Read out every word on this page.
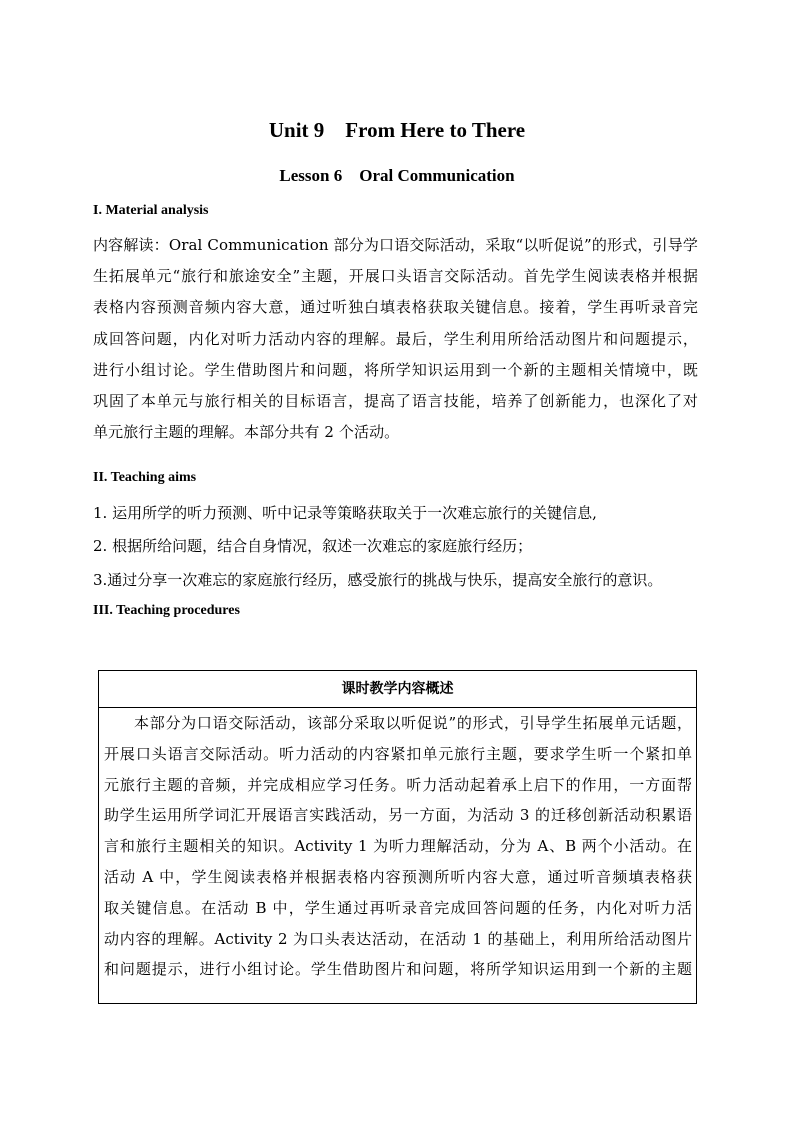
Unit 9    From Here to There
Lesson 6    Oral Communication
I. Material analysis
内容解读：Oral Communication 部分为口语交际活动，采取“以听促说”的形式，引导学
生拓展单元“旅行和旅途安全”主题，开展口头语言交际活动。首先学生阅读表格并根据
表格内容预测音频内容大意，通过听独白填表格获取关键信息。接着，学生再听录音完
成回答问题，内化对听力活动内容的理解。最后，学生利用所给活动图片和问题提示，
进行小组讨论。学生借助图片和问题，将所学知识运用到一个新的主题相关情境中，既
巩固了本单元与旅行相关的目标语言，提高了语言技能，培养了创新能力，也深化了对
单元旅行主题的理解。本部分共有 2 个活动。
II. Teaching aims
1. 运用所学的听力预测、听中记录等策略获取关于一次难忘旅行的关键信息,
2. 根据所给问题，结合自身情况，叙述一次难忘的家庭旅行经历；
3.通过分享一次难忘的家庭旅行经历，感受旅行的挑战与快乐，提高安全旅行的意识。
III. Teaching procedures
课时教学内容概述
本部分为口语交际活动，该部分采取以听促说”的形式，引导学生拓展单元话题，
开展口头语言交际活动。听力活动的内容紧扣单元旅行主题，要求学生听一个紧扣单
元旅行主题的音频，并完成相应学习任务。听力活动起着承上启下的作用，一方面帮
助学生运用所学词汇开展语言实践活动，另一方面，为活动 3 的迁移创新活动积累语
言和旅行主题相关的知识。Activity 1 为听力理解活动，分为 A、B 两个小活动。在
活动 A 中，学生阅读表格并根据表格内容预测所听内容大意，通过听音频填表格获
取关键信息。在活动 B 中，学生通过再听录音完成回答问题的任务，内化对听力活
动内容的理解。Activity 2 为口头表达活动，在活动 1 的基础上，利用所给活动图片
和问题提示，进行小组讨论。学生借助图片和问题，将所学知识运用到一个新的主题
